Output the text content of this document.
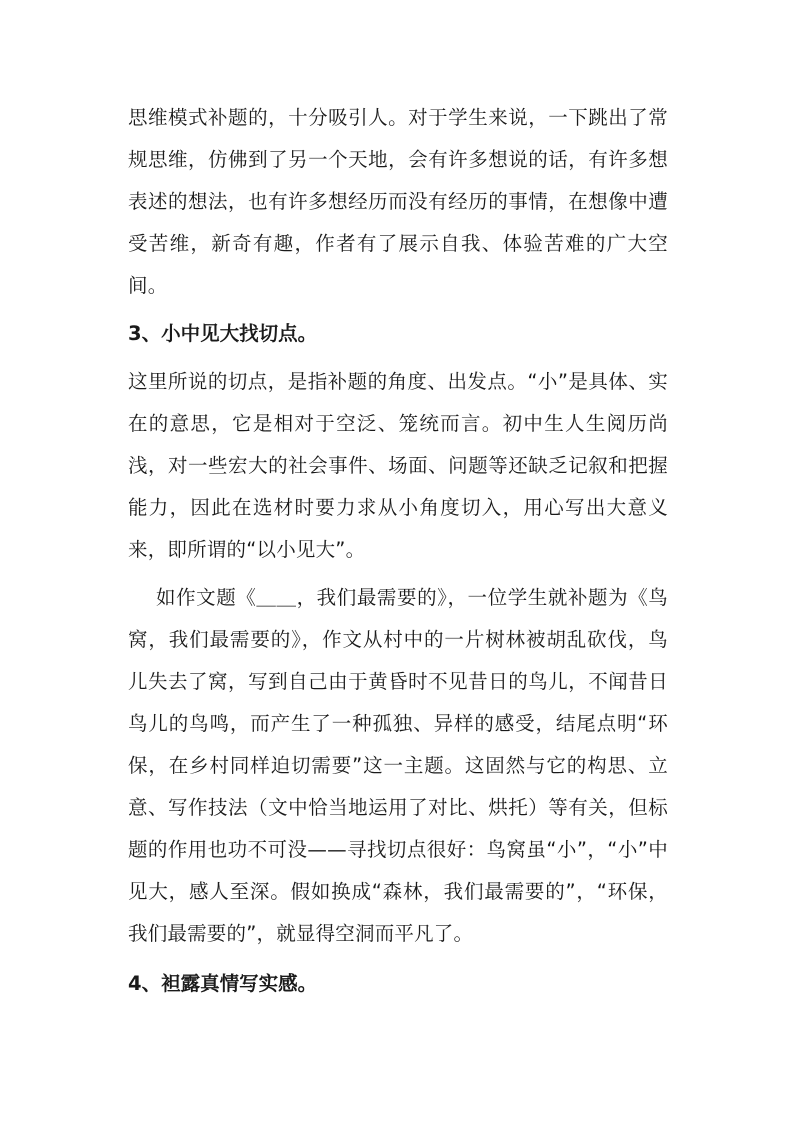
思维模式补题的，十分吸引人。对于学生来说，一下跳出了常规思维，仿佛到了另一个天地，会有许多想说的话，有许多想表述的想法，也有许多想经历而没有经历的事情，在想像中遭受苦维，新奇有趣，作者有了展示自我、体验苦难的广大空间。

3、小中见大找切点。

这里所说的切点，是指补题的角度、出发点。“小”是具体、实在的意思，它是相对于空泛、笼统而言。初中生人生阅历尚浅，对一些宏大的社会事件、场面、问题等还缺乏记叙和把握能力，因此在选材时要力求从小角度切入，用心写出大意义来，即所谓的“以小见大”。

如作文题《＿＿，我们最需要的》，一位学生就补题为《鸟窝，我们最需要的》，作文从村中的一片树林被胡乱砍伐，鸟儿失去了窝，写到自己由于黄昏时不见昔日的鸟儿，不闻昔日鸟儿的鸟鸣，而产生了一种孤独、异样的感受，结尾点明“环保，在乡村同样迫切需要”这一主题。这固然与它的构思、立意、写作技法（文中恰当地运用了对比、烘托）等有关，但标题的作用也功不可没——寻找切点很好：鸟窝虽“小”，“小”中见大，感人至深。假如换成“森林，我们最需要的”，“环保，我们最需要的”，就显得空洞而平凡了。

4、袒露真情写实感。
